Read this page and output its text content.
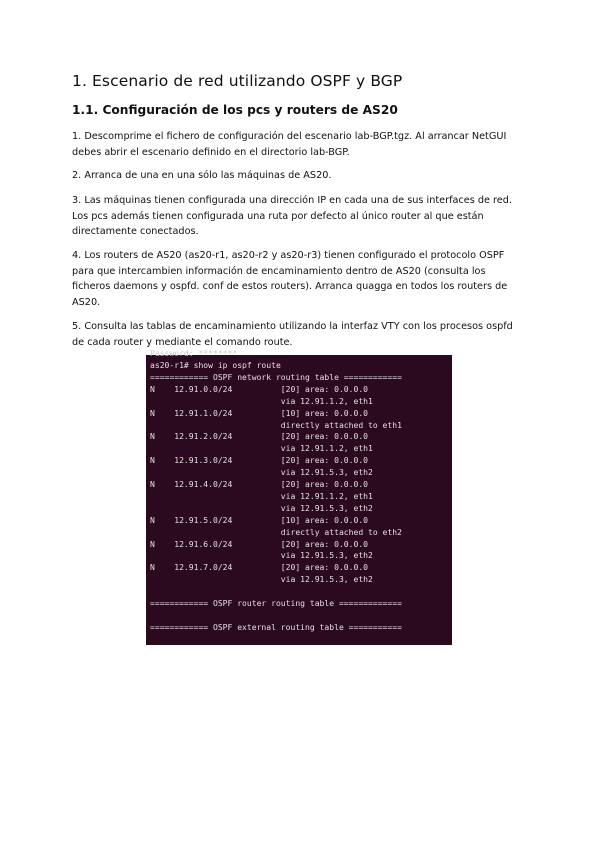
1. Escenario de red utilizando OSPF y BGP
1.1. Configuración de los pcs y routers de AS20
1. Descomprime el fichero de configuración del escenario lab-BGP.tgz. Al arrancar NetGUI
debes abrir el escenario definido en el directorio lab-BGP.
2. Arranca de una en una sólo las máquinas de AS20.
3. Las máquinas tienen configurada una dirección IP en cada una de sus interfaces de red.
Los pcs además tienen configurada una ruta por defecto al único router al que están
directamente conectados.
4. Los routers de AS20 (as20-r1, as20-r2 y as20-r3) tienen configurado el protocolo OSPF
para que intercambien información de encaminamiento dentro de AS20 (consulta los
ficheros daemons y ospfd. conf de estos routers). Arranca quagga en todos los routers de
AS20.
5. Consulta las tablas de encaminamiento utilizando la interfaz VTY con los procesos ospfd
de cada router y mediante el comando route.
Password: ********
as20-r1# show ip ospf route
============ OSPF network routing table ============
N    12.91.0.0/24          [20] area: 0.0.0.0
via 12.91.1.2, eth1
N    12.91.1.0/24          [10] area: 0.0.0.0
directly attached to eth1
N    12.91.2.0/24          [20] area: 0.0.0.0
via 12.91.1.2, eth1
N    12.91.3.0/24          [20] area: 0.0.0.0
via 12.91.5.3, eth2
N    12.91.4.0/24          [20] area: 0.0.0.0
via 12.91.1.2, eth1
via 12.91.5.3, eth2
N    12.91.5.0/24          [10] area: 0.0.0.0
directly attached to eth2
N    12.91.6.0/24          [20] area: 0.0.0.0
via 12.91.5.3, eth2
N    12.91.7.0/24          [20] area: 0.0.0.0
via 12.91.5.3, eth2
============ OSPF router routing table =============
============ OSPF external routing table ===========
